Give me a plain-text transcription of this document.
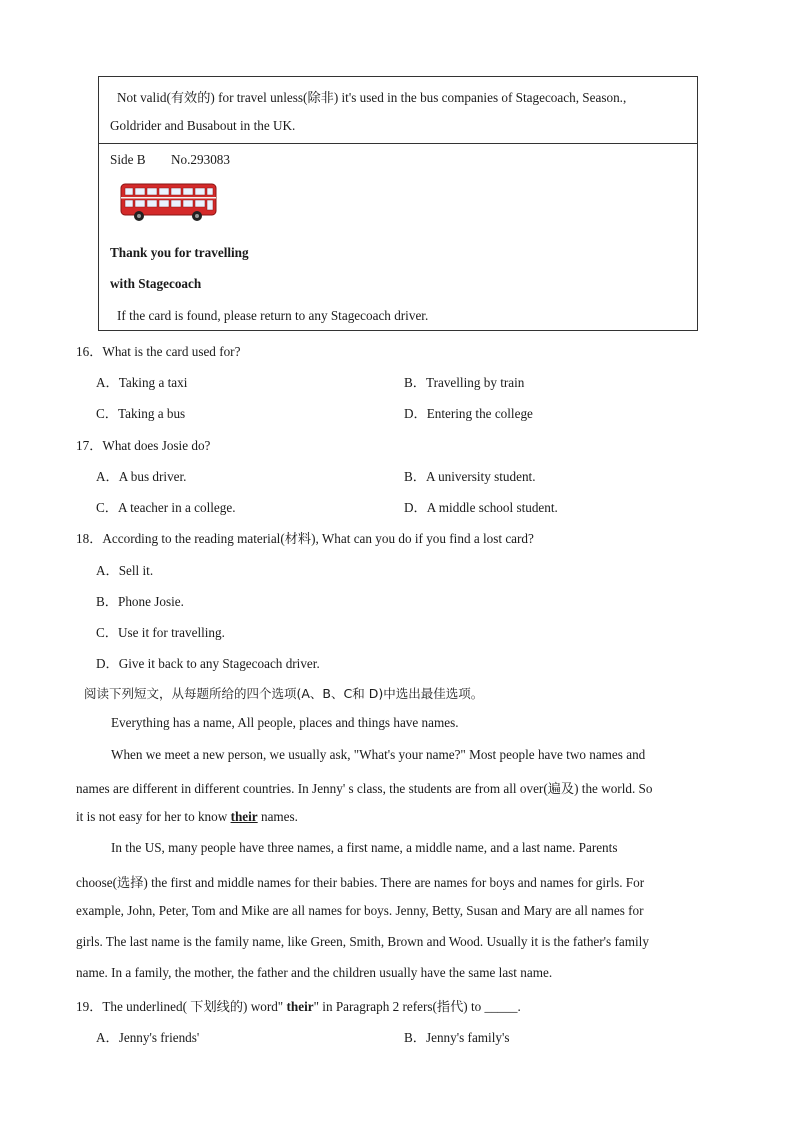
Not valid(有效的) for travel unless(除非) it's used in the bus companies of Stagecoach, Season.,
Goldrider and Busabout in the UK.
Side B No.293083
Thank you for travelling
with Stagecoach
If the card is found, please return to any Stagecoach driver.
16．What is the card used for?
A．Taking a taxi	B．Travelling by train
C．Taking a bus	D．Entering the college
17．What does Josie do?
A．A bus driver.	B．A university student.
C．A teacher in a college.	D．A middle school student.
18．According to the reading material(材料), What can you do if you find a lost card?
A．Sell it.
B．Phone Josie.
C．Use it for travelling.
D．Give it back to any Stagecoach driver.
阅读下列短文，从每题所给的四个选项(A、B、C和 D)中选出最佳选项。
Everything has a name, All people, places and things have names.
When we meet a new person, we usually ask, "What's your name?" Most people have two names and
names are different in different countries. In Jenny' s class, the students are from all over(遍及) the world. So
it is not easy for her to know their names.
In the US, many people have three names, a first name, a middle name, and a last name. Parents
choose(选择) the first and middle names for their babies. There are names for boys and names for girls. For
example, John, Peter, Tom and Mike are all names for boys. Jenny, Betty, Susan and Mary are all names for
girls. The last name is the family name, like Green, Smith, Brown and Wood. Usually it is the father's family
name. In a family, the mother, the father and the children usually have the same last name.
19．The underlined( 下划线的) word" their" in Paragraph 2 refers(指代) to _____.
A．Jenny's friends'	B．Jenny's family's
